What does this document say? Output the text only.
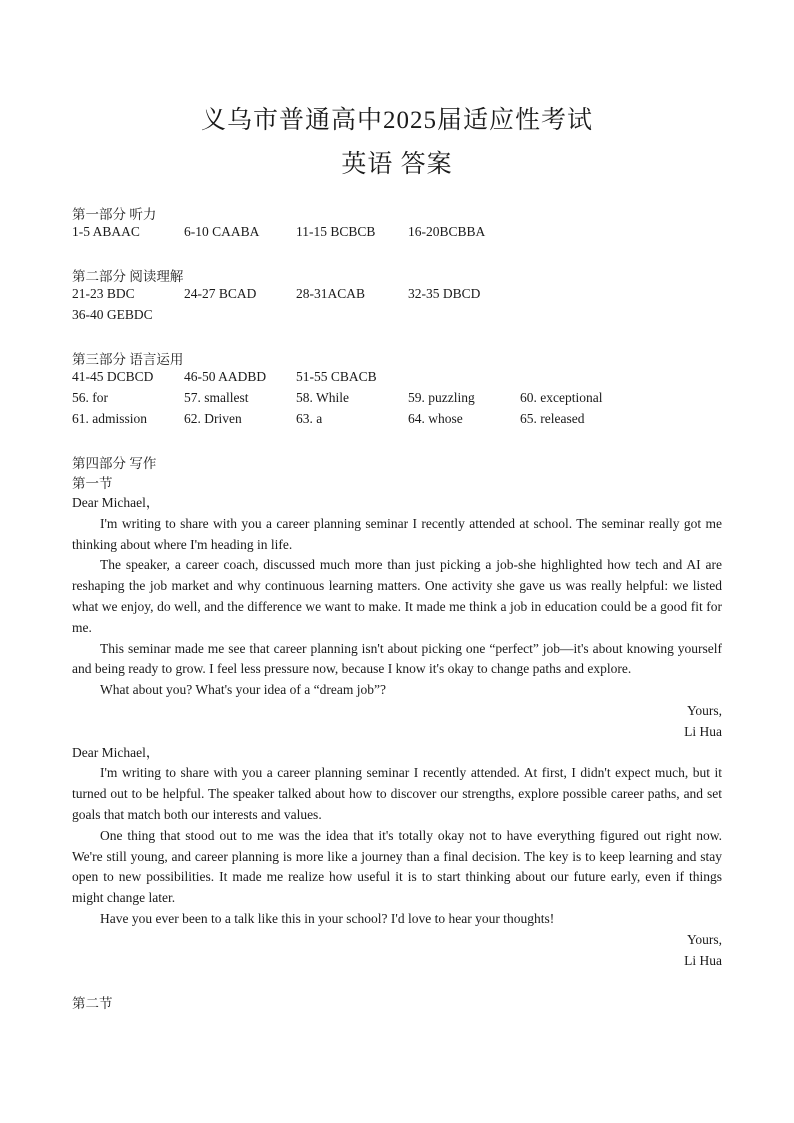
义乌市普通高中2025届适应性考试
英语 答案
第一部分 听力
1-5 ABAAC	6-10 CAABA	11-15 BCBCB 16-20BCBBA
第二部分 阅读理解
21-23 BDC	24-27 BCAD	28-31ACAB	32-35 DBCD
36-40 GEBDC
第三部分 语言运用
41-45 DCBCD 46-50 AADBD 51-55 CBACB
56. for	57. smallest	58. While	59. puzzling	60. exceptional
61. admission	62. Driven	63. a	64. whose	65. released
第四部分 写作
第一节

Dear Michael，

I'm writing to share with you a career planning seminar I recently attended at school. The seminar really got me thinking about where I'm heading in life.

The speaker, a career coach, discussed much more than just picking a job-she highlighted how tech and AI are reshaping the job market and why continuous learning matters. One activity she gave us was really helpful: we listed what we enjoy, do well, and the difference we want to make. It made me think a job in education could be a good fit for me.

This seminar made me see that career planning isn't about picking one “perfect” job—it's about knowing yourself and being ready to grow. I feel less pressure now, because I know it's okay to change paths and explore.

What about you? What's your idea of a “dream job”?

Yours,

Li Hua

Dear Michael，

I'm writing to share with you a career planning seminar I recently attended. At first, I didn't expect much, but it turned out to be helpful. The speaker talked about how to discover our strengths, explore possible career paths, and set goals that match both our interests and values.

One thing that stood out to me was the idea that it's totally okay not to have everything figured out right now. We're still young, and career planning is more like a journey than a final decision. The key is to keep learning and stay open to new possibilities. It made me realize how useful it is to start thinking about our future early, even if things might change later.

Have you ever been to a talk like this in your school? I'd love to hear your thoughts!

Yours,

Li Hua

第二节
